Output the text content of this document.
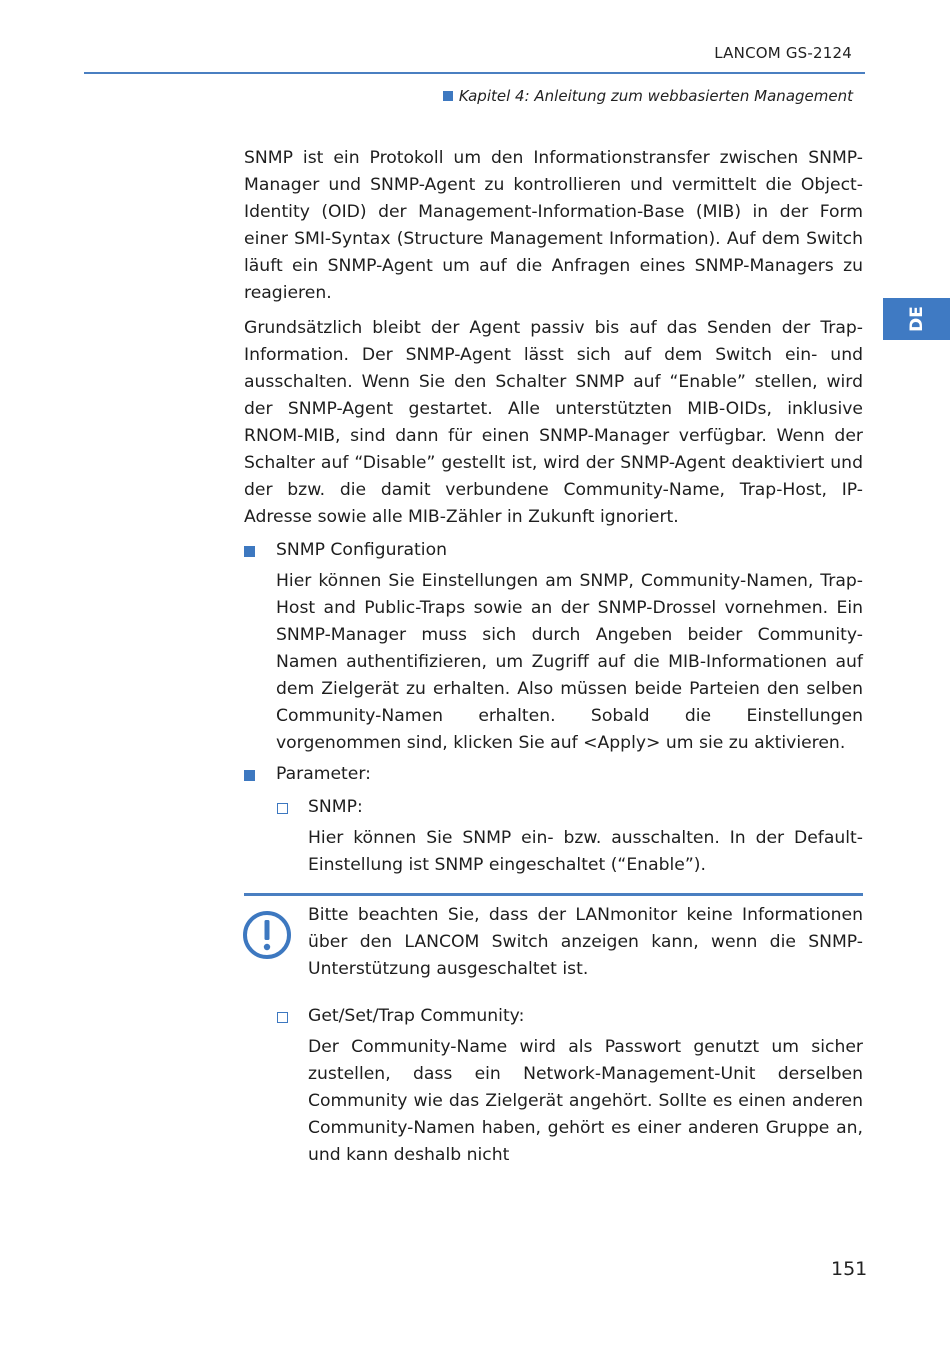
LANCOM GS-2124
Kapitel 4: Anleitung zum webbasierten Management
DE

SNMP ist ein Protokoll um den Informationstransfer zwischen SNMP-Manager und SNMP-Agent zu kontrollieren und vermittelt die Object-Identity (OID) der Management-Information-Base (MIB) in der Form einer SMI-Syntax (Structure Management Information). Auf dem Switch läuft ein SNMP-Agent um auf die Anfragen eines SNMP-Managers zu reagieren.

Grundsätzlich bleibt der Agent passiv bis auf das Senden der Trap-Information. Der SNMP-Agent lässt sich auf dem Switch ein- und ausschalten. Wenn Sie den Schalter SNMP auf “Enable” stellen, wird der SNMP-Agent gestartet. Alle unterstützten MIB-OIDs, inklusive RNOM-MIB, sind dann für einen SNMP-Manager verfügbar. Wenn der Schalter auf “Disable” gestellt ist, wird der SNMP-Agent deaktiviert und der bzw. die damit verbundene Community-Name, Trap-Host, IP-Adresse sowie alle MIB-Zähler in Zukunft ignoriert.

SNMP Configuration

Hier können Sie Einstellungen am SNMP, Community-Namen, Trap-Host and Public-Traps sowie an der SNMP-Drossel vornehmen. Ein SNMP-Manager muss sich durch Angeben beider Community-Namen authentifizieren, um Zugriff auf die MIB-Informationen auf dem Zielgerät zu erhalten. Also müssen beide Parteien den selben Community-Namen erhalten. Sobald die Einstellungen vorgenommen sind, klicken Sie auf <Apply> um sie zu aktivieren.

Parameter:
SNMP:

Hier können Sie SNMP ein- bzw. ausschalten. In der Default-Einstellung ist SNMP eingeschaltet (“Enable”).

Bitte beachten Sie, dass der LANmonitor keine Informationen über den LANCOM Switch anzeigen kann, wenn die SNMP-Unterstützung ausgeschaltet ist.

Get/Set/Trap Community:

Der Community-Name wird als Passwort genutzt um sicher zustellen, dass ein Network-Management-Unit derselben Community wie das Zielgerät angehört. Sollte es einen anderen Community-Namen haben, gehört es einer anderen Gruppe an, und kann deshalb nicht

151
